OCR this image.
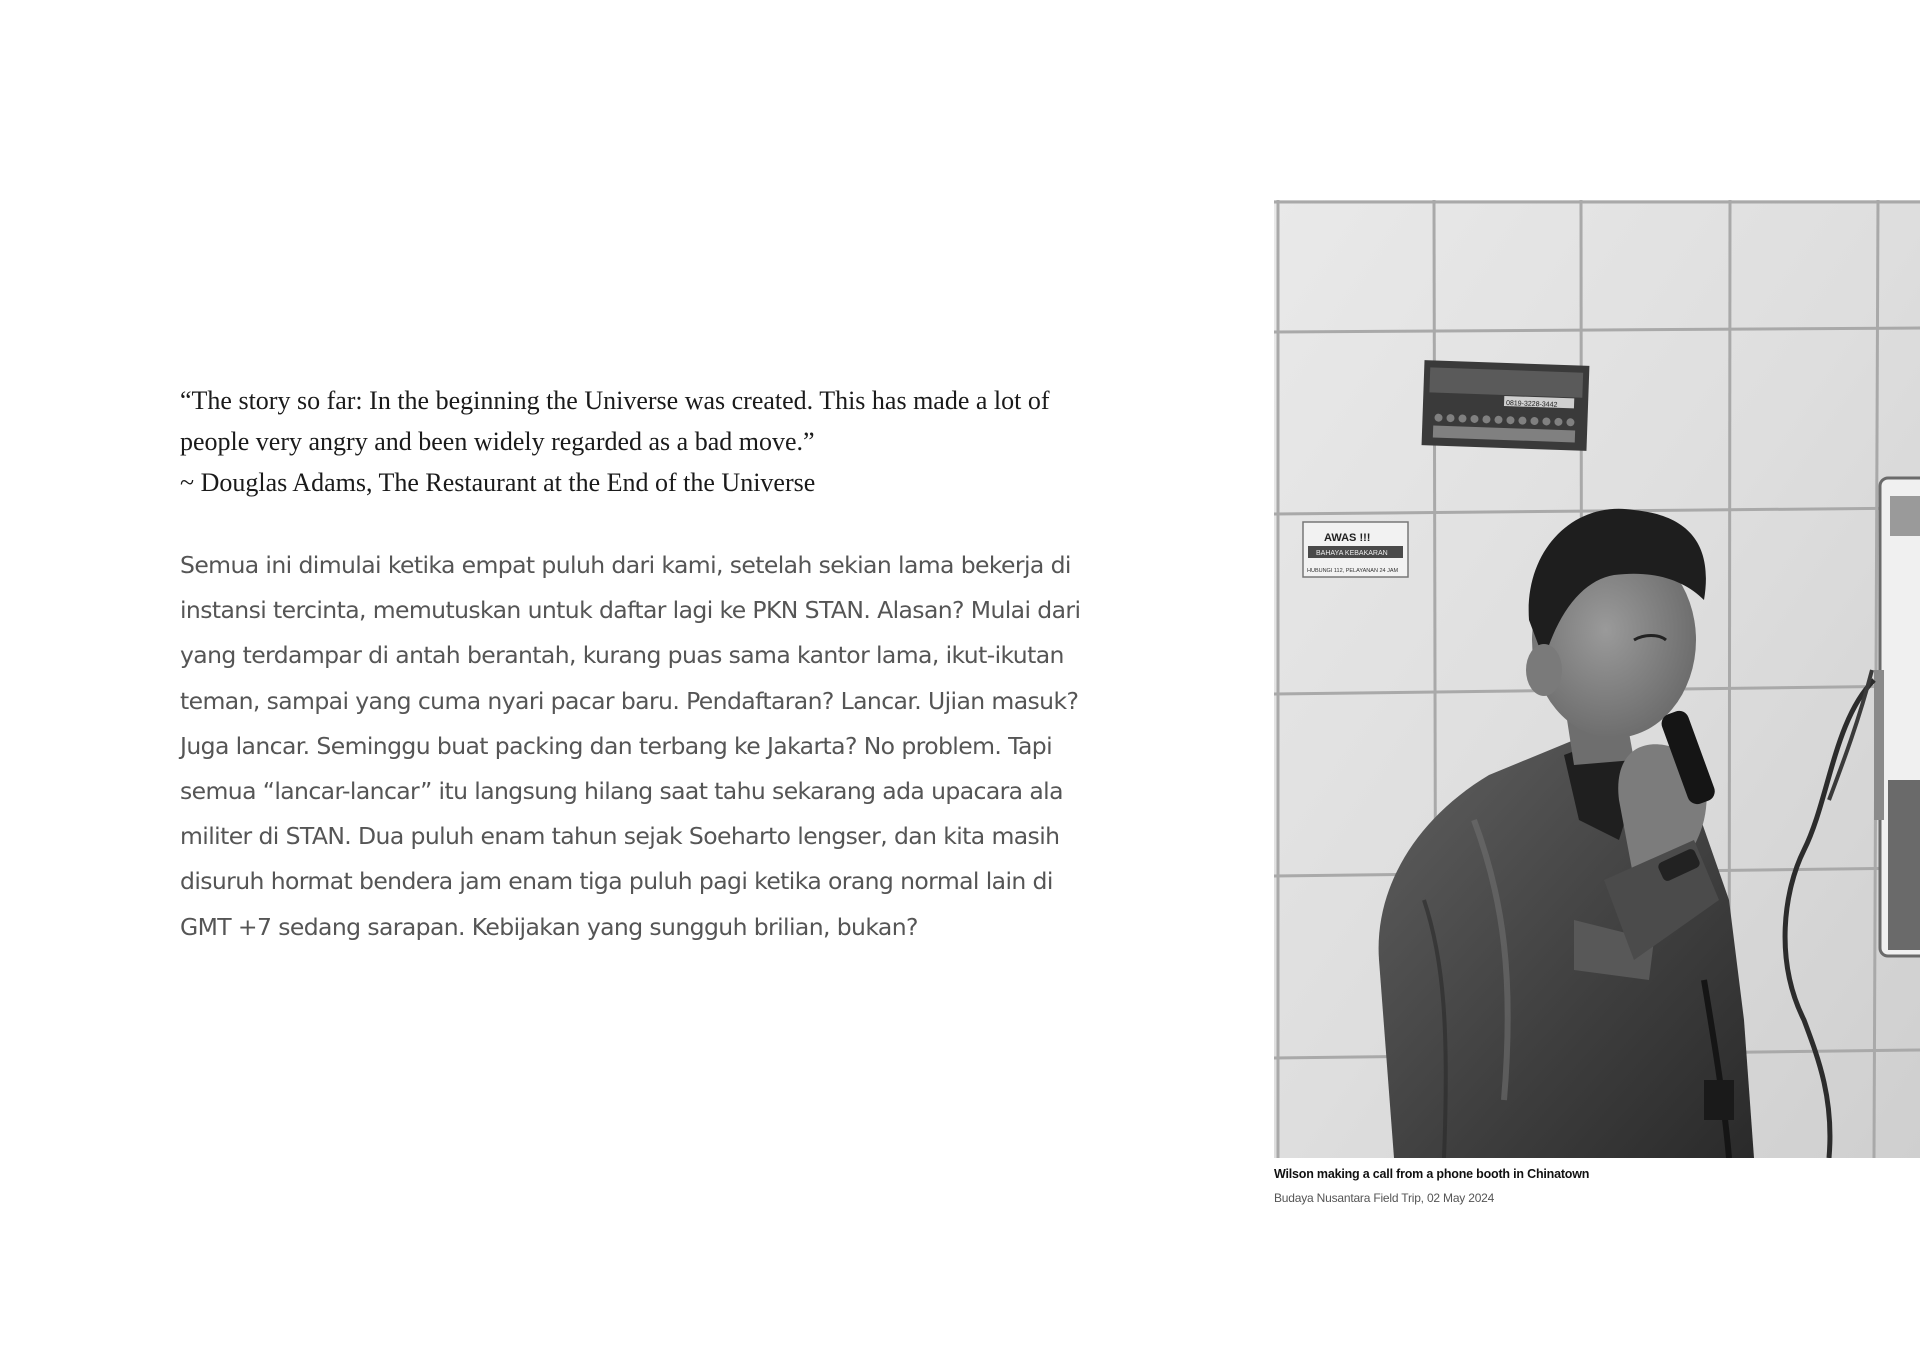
“The story so far: In the beginning the Universe was created. This has made a lot of
people very angry and been widely regarded as a bad move.”
~ Douglas Adams, The Restaurant at the End of the Universe
Semua ini dimulai ketika empat puluh dari kami, setelah sekian lama bekerja di
instansi tercinta, memutuskan untuk daftar lagi ke PKN STAN. Alasan? Mulai dari
yang terdampar di antah berantah, kurang puas sama kantor lama, ikut-ikutan
teman, sampai yang cuma nyari pacar baru. Pendaftaran? Lancar. Ujian masuk?
Juga lancar. Seminggu buat packing dan terbang ke Jakarta? No problem. Tapi
semua “lancar-lancar” itu langsung hilang saat tahu sekarang ada upacara ala
militer di STAN. Dua puluh enam tahun sejak Soeharto lengser, dan kita masih
disuruh hormat bendera jam enam tiga puluh pagi ketika orang normal lain di
GMT +7 sedang sarapan. Kebijakan yang sungguh brilian, bukan?
0819-3228-3442
AWAS !!!
BAHAYA KEBAKARAN
HUBUNGI 112, PELAYANAN 24 JAM
Wilson making a call from a phone booth in Chinatown
Budaya Nusantara Field Trip, 02 May 2024
